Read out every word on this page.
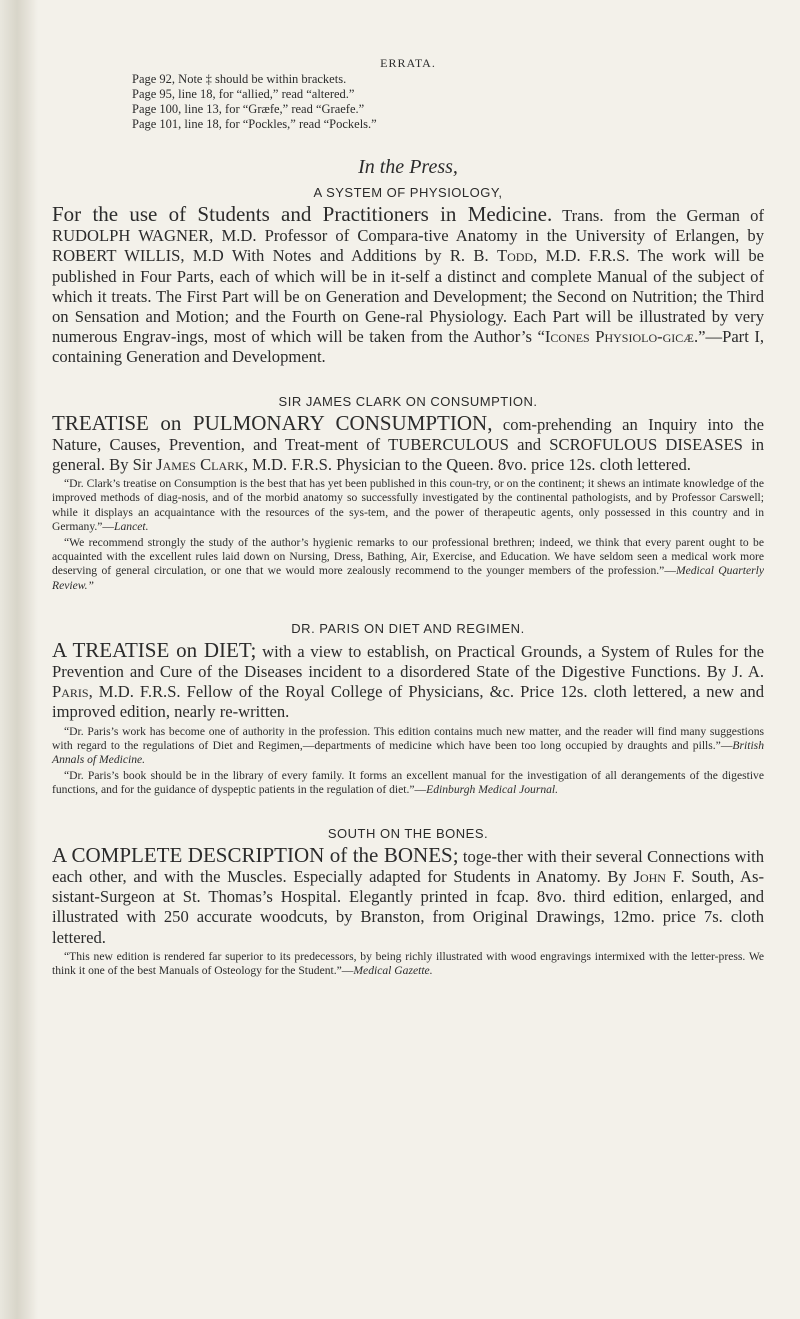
ERRATA.
Page 92, Note ‡ should be within brackets.
Page 95, line 18, for “allied,” read “altered.”
Page 100, line 13, for “Græfe,” read “Graefe.”
Page 101, line 18, for “Pockles,” read “Pockels.”
In the Press,
A SYSTEM OF PHYSIOLOGY,
For the use of Students and Practitioners in Medicine. Trans. from the German of RUDOLPH WAGNER, M.D. Professor of Compara-tive Anatomy in the University of Erlangen, by ROBERT WILLIS, M.D With Notes and Additions by R. B. Todd, M.D. F.R.S. The work will be published in Four Parts, each of which will be in it-self a distinct and complete Manual of the subject of which it treats. The First Part will be on Generation and Development; the Second on Nutrition; the Third on Sensation and Motion; and the Fourth on Gene-ral Physiology. Each Part will be illustrated by very numerous Engrav-ings, most of which will be taken from the Author’s “Icones Physiolo-gicæ.”—Part I, containing Generation and Development.
SIR JAMES CLARK ON CONSUMPTION.
TREATISE on PULMONARY CONSUMPTION, com-prehending an Inquiry into the Nature, Causes, Prevention, and Treat-ment of TUBERCULOUS and SCROFULOUS DISEASES in general. By Sir James Clark, M.D. F.R.S. Physician to the Queen. 8vo. price 12s. cloth lettered.
“Dr. Clark’s treatise on Consumption is the best that has yet been published in this coun-try, or on the continent; it shews an intimate knowledge of the improved methods of diag-nosis, and of the morbid anatomy so successfully investigated by the continental pathologists, and by Professor Carswell; while it displays an acquaintance with the resources of the sys-tem, and the power of therapeutic agents, only possessed in this country and in Germany.”—Lancet.
“We recommend strongly the study of the author’s hygienic remarks to our professional brethren; indeed, we think that every parent ought to be acquainted with the excellent rules laid down on Nursing, Dress, Bathing, Air, Exercise, and Education. We have seldom seen a medical work more deserving of general circulation, or one that we would more zealously recommend to the younger members of the profession.”—Medical Quarterly Review.”
DR. PARIS ON DIET AND REGIMEN.
A TREATISE on DIET; with a view to establish, on Practical Grounds, a System of Rules for the Prevention and Cure of the Diseases incident to a disordered State of the Digestive Functions. By J. A. Paris, M.D. F.R.S. Fellow of the Royal College of Physicians, &c. Price 12s. cloth lettered, a new and improved edition, nearly re-written.
“Dr. Paris’s work has become one of authority in the profession. This edition contains much new matter, and the reader will find many suggestions with regard to the regulations of Diet and Regimen,—departments of medicine which have been too long occupied by draughts and pills.”—British Annals of Medicine.
“Dr. Paris’s book should be in the library of every family. It forms an excellent manual for the investigation of all derangements of the digestive functions, and for the guidance of dyspeptic patients in the regulation of diet.”—Edinburgh Medical Journal.
SOUTH ON THE BONES.
A COMPLETE DESCRIPTION of the BONES; toge-ther with their several Connections with each other, and with the Muscles. Especially adapted for Students in Anatomy. By John F. South, As-sistant-Surgeon at St. Thomas’s Hospital. Elegantly printed in fcap. 8vo. third edition, enlarged, and illustrated with 250 accurate woodcuts, by Branston, from Original Drawings, 12mo. price 7s. cloth lettered.
“This new edition is rendered far superior to its predecessors, by being richly illustrated with wood engravings intermixed with the letter-press. We think it one of the best Manuals of Osteology for the Student.”—Medical Gazette.
